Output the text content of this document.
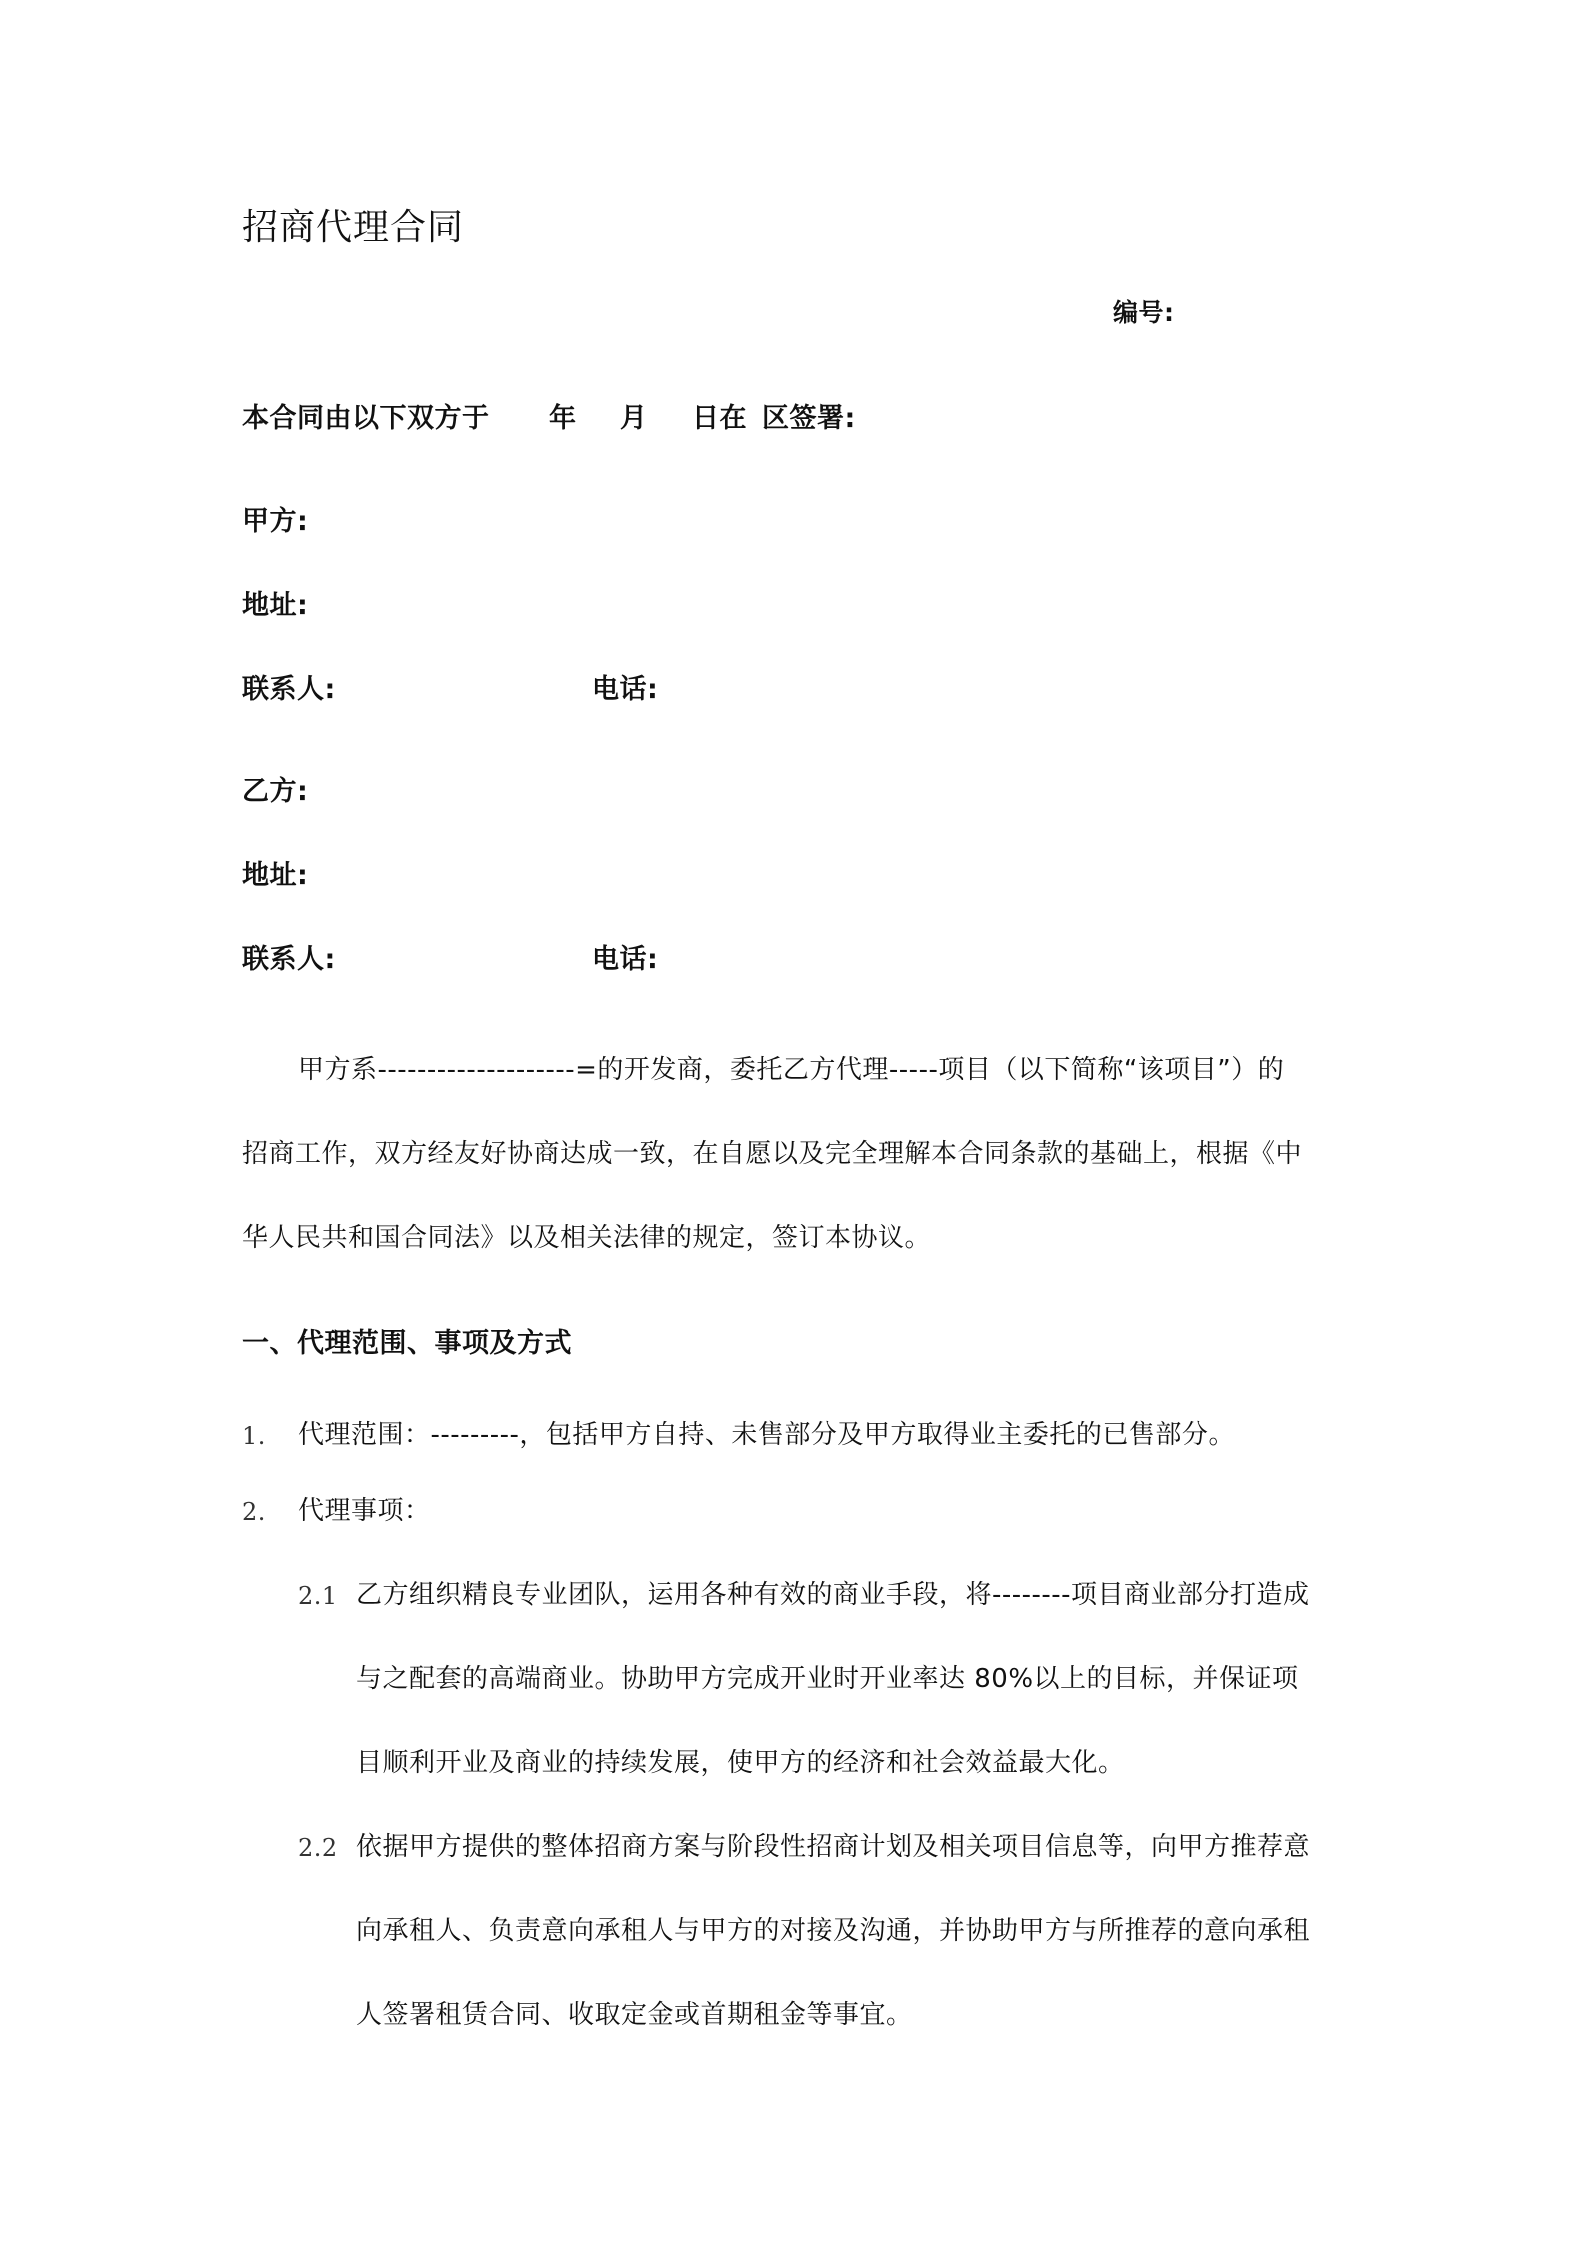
招商代理合同
编号:
本合同由以下双方于 年 月 日在 区签署:
甲方:
地址:
联系人:	电话:
乙方:
地址:
联系人:	电话:
甲方系--------------------=的开发商，委托乙方代理-----项目（以下简称“该项目”）的
招商工作，双方经友好协商达成一致，在自愿以及完全理解本合同条款的基础上，根据《中
华人民共和国合同法》以及相关法律的规定，签订本协议。
一、代理范围、事项及方式
1. 代理范围：---------，包括甲方自持、未售部分及甲方取得业主委托的已售部分。
2. 代理事项：
2.1 乙方组织精良专业团队，运用各种有效的商业手段，将--------项目商业部分打造成
与之配套的高端商业。协助甲方完成开业时开业率达 80%以上的目标，并保证项
目顺利开业及商业的持续发展，使甲方的经济和社会效益最大化。
2.2 依据甲方提供的整体招商方案与阶段性招商计划及相关项目信息等，向甲方推荐意
向承租人、负责意向承租人与甲方的对接及沟通，并协助甲方与所推荐的意向承租
人签署租赁合同、收取定金或首期租金等事宜。
